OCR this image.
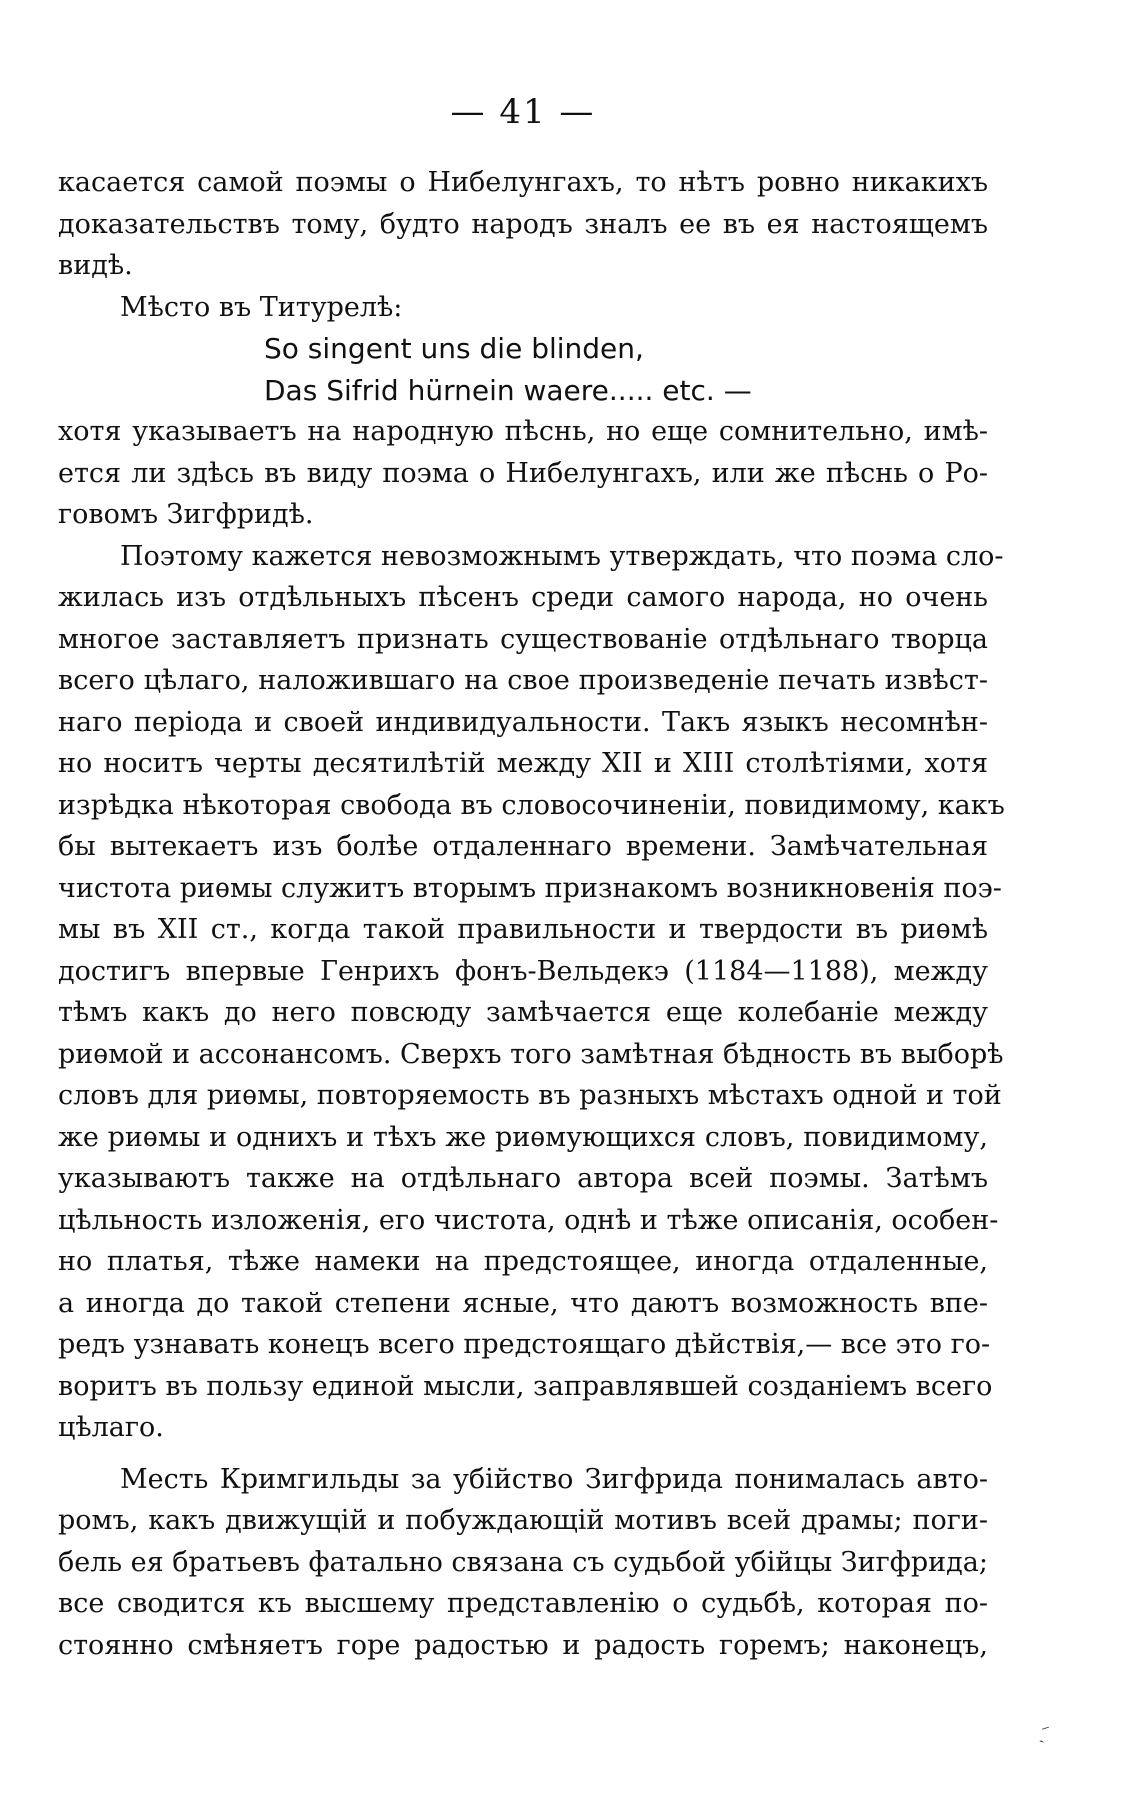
— 41 —
касается самой поэмы о Нибелунгахъ, то нѣтъ ровно никакихъ
доказательствъ тому, будто народъ зналъ ее въ ея настоящемъ
видѣ.
Мѣсто въ Титурелѣ:
So singent uns die blinden,
Das Sifrid hürnein waere..... etc. —
хотя указываетъ на народную пѣснь, но еще сомнительно, имѣ-
ется ли здѣсь въ виду поэма о Нибелунгахъ, или же пѣснь о Ро-
говомъ Зигфридѣ.
Поэтому кажется невозможнымъ утверждать, что поэма сло-
жилась изъ отдѣльныхъ пѣсенъ среди самого народа, но очень
многое заставляетъ признать существованіе отдѣльнаго творца
всего цѣлаго, наложившаго на свое произведеніе печать извѣст-
наго періода и своей индивидуальности. Такъ языкъ несомнѣн-
но носитъ черты десятилѣтій между XII и XIII столѣтіями, хотя
изрѣдка нѣкоторая свобода въ словосочиненіи, повидимому, какъ
бы вытекаетъ изъ болѣе отдаленнаго времени. Замѣчательная
чистота риѳмы служитъ вторымъ признакомъ возникновенія поэ-
мы въ XII ст., когда такой правильности и твердости въ риѳмѣ
достигъ впервые Генрихъ фонъ-Вельдекэ (1184—1188), между
тѣмъ какъ до него повсюду замѣчается еще колебаніе между
риѳмой и ассонансомъ. Сверхъ того замѣтная бѣдность въ выборѣ
словъ для риѳмы, повторяемость въ разныхъ мѣстахъ одной и той
же риѳмы и однихъ и тѣхъ же риѳмующихся словъ, повидимому,
указываютъ также на отдѣльнаго автора всей поэмы. Затѣмъ
цѣльность изложенія, его чистота, однѣ и тѣже описанія, особен-
но платья, тѣже намеки на предстоящее, иногда отдаленные,
а иногда до такой степени ясные, что даютъ возможность впе-
редъ узнавать конецъ всего предстоящаго дѣйствія,— все это го-
воритъ въ пользу единой мысли, заправлявшей созданіемъ всего
цѣлаго.
Месть Кримгильды за убійство Зигфрида понималась авто-
ромъ, какъ движущій и побуждающій мотивъ всей драмы; поги-
бель ея братьевъ фатально связана съ судьбой убійцы Зигфрида;
все сводится къ высшему представленію о судьбѣ, которая по-
стоянно смѣняетъ горе радостью и радость горемъ; наконецъ,
ˏ⁻
